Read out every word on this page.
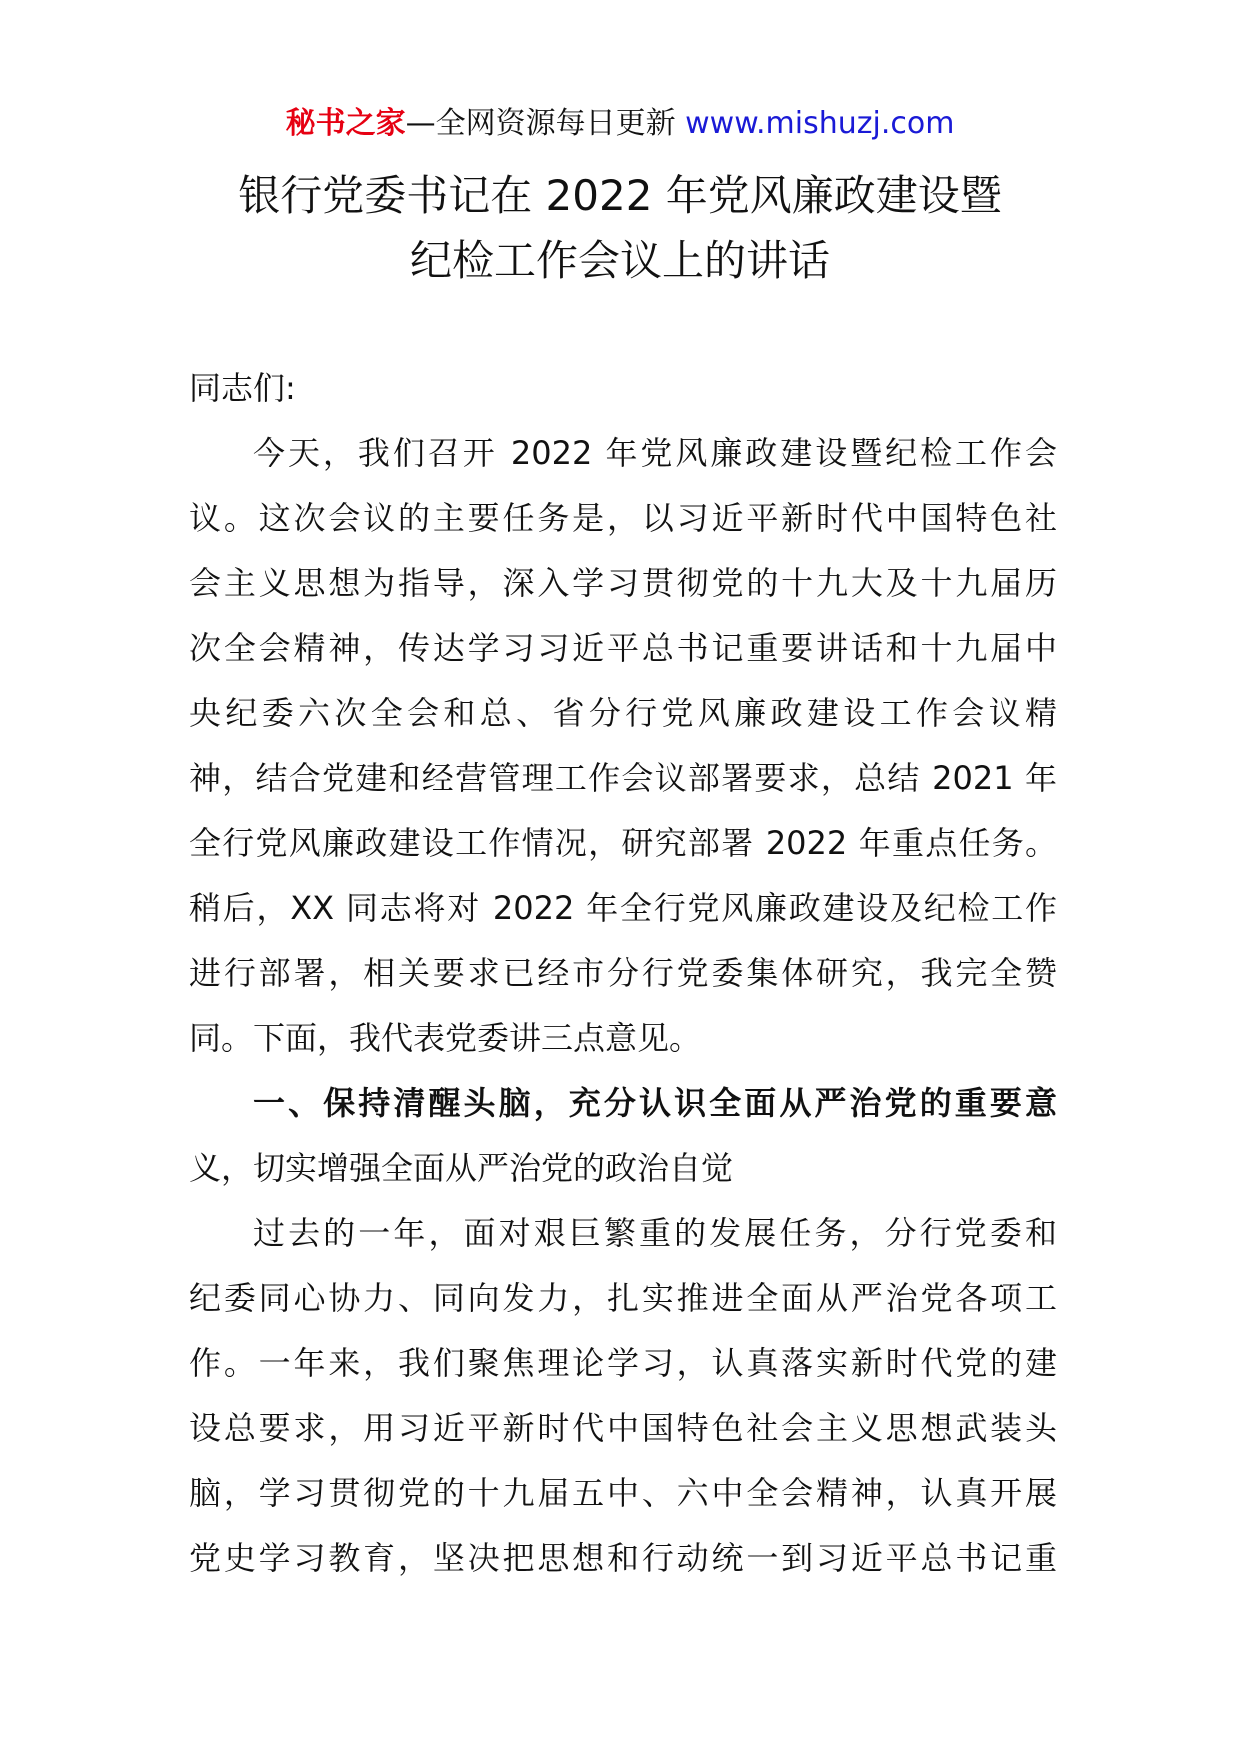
秘书之家—全网资源每日更新 www.mishuzj.com
银行党委书记在 2022 年党风廉政建设暨
纪检工作会议上的讲话
同志们:
今天，我们召开 2022 年党风廉政建设暨纪检工作会
议。这次会议的主要任务是，以习近平新时代中国特色社
会主义思想为指导，深入学习贯彻党的十九大及十九届历
次全会精神，传达学习习近平总书记重要讲话和十九届中
央纪委六次全会和总、省分行党风廉政建设工作会议精
神，结合党建和经营管理工作会议部署要求，总结 2021 年
全行党风廉政建设工作情况，研究部署 2022 年重点任务。
稍后，XX 同志将对 2022 年全行党风廉政建设及纪检工作
进行部署，相关要求已经市分行党委集体研究，我完全赞
同。下面，我代表党委讲三点意见。
一、保持清醒头脑，充分认识全面从严治党的重要意
义，切实增强全面从严治党的政治自觉
过去的一年，面对艰巨繁重的发展任务，分行党委和
纪委同心协力、同向发力，扎实推进全面从严治党各项工
作。一年来，我们聚焦理论学习，认真落实新时代党的建
设总要求，用习近平新时代中国特色社会主义思想武装头
脑，学习贯彻党的十九届五中、六中全会精神，认真开展
党史学习教育，坚决把思想和行动统一到习近平总书记重
